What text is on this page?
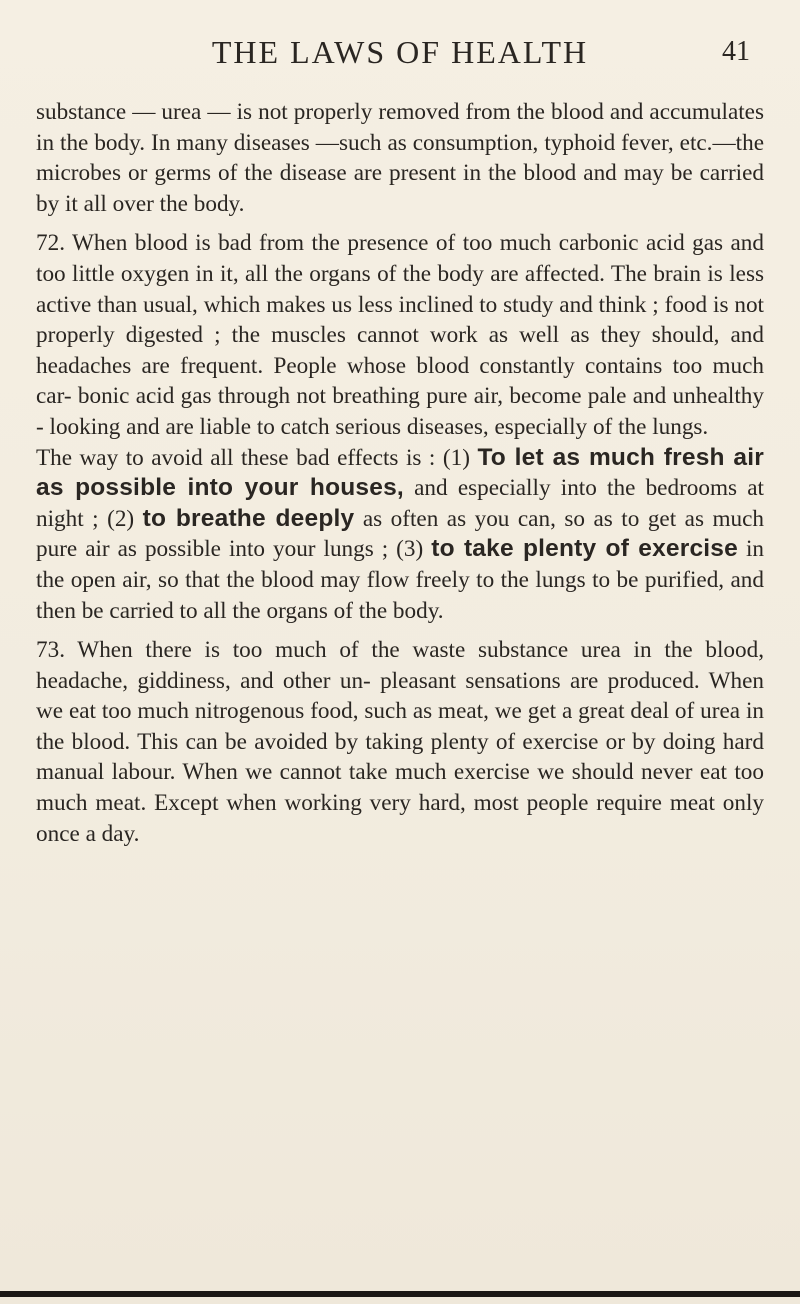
THE LAWS OF HEALTH	41

substance — urea — is not properly removed from the blood and accumulates in the body. In many diseases —such as consumption, typhoid fever, etc.—the microbes or germs of the disease are present in the blood and may be carried by it all over the body.

72. When blood is bad from the presence of too much carbonic acid gas and too little oxygen in it, all the organs of the body are affected. The brain is less active than usual, which makes us less inclined to study and think ; food is not properly digested ; the muscles cannot work as well as they should, and headaches are frequent. People whose blood constantly contains too much car- bonic acid gas through not breathing pure air, become pale and unhealthy - looking and are liable to catch serious diseases, especially of the lungs.

The way to avoid all these bad effects is : (1) To let as much fresh air as possible into your houses, and especially into the bedrooms at night ; (2) to breathe deeply as often as you can, so as to get as much pure air as possible into your lungs ; (3) to take plenty of exercise in the open air, so that the blood may flow freely to the lungs to be purified, and then be carried to all the organs of the body.

73. When there is too much of the waste substance urea in the blood, headache, giddiness, and other un- pleasant sensations are produced. When we eat too much nitrogenous food, such as meat, we get a great deal of urea in the blood. This can be avoided by taking plenty of exercise or by doing hard manual labour. When we cannot take much exercise we should never eat too much meat. Except when working very hard, most people require meat only once a day.
